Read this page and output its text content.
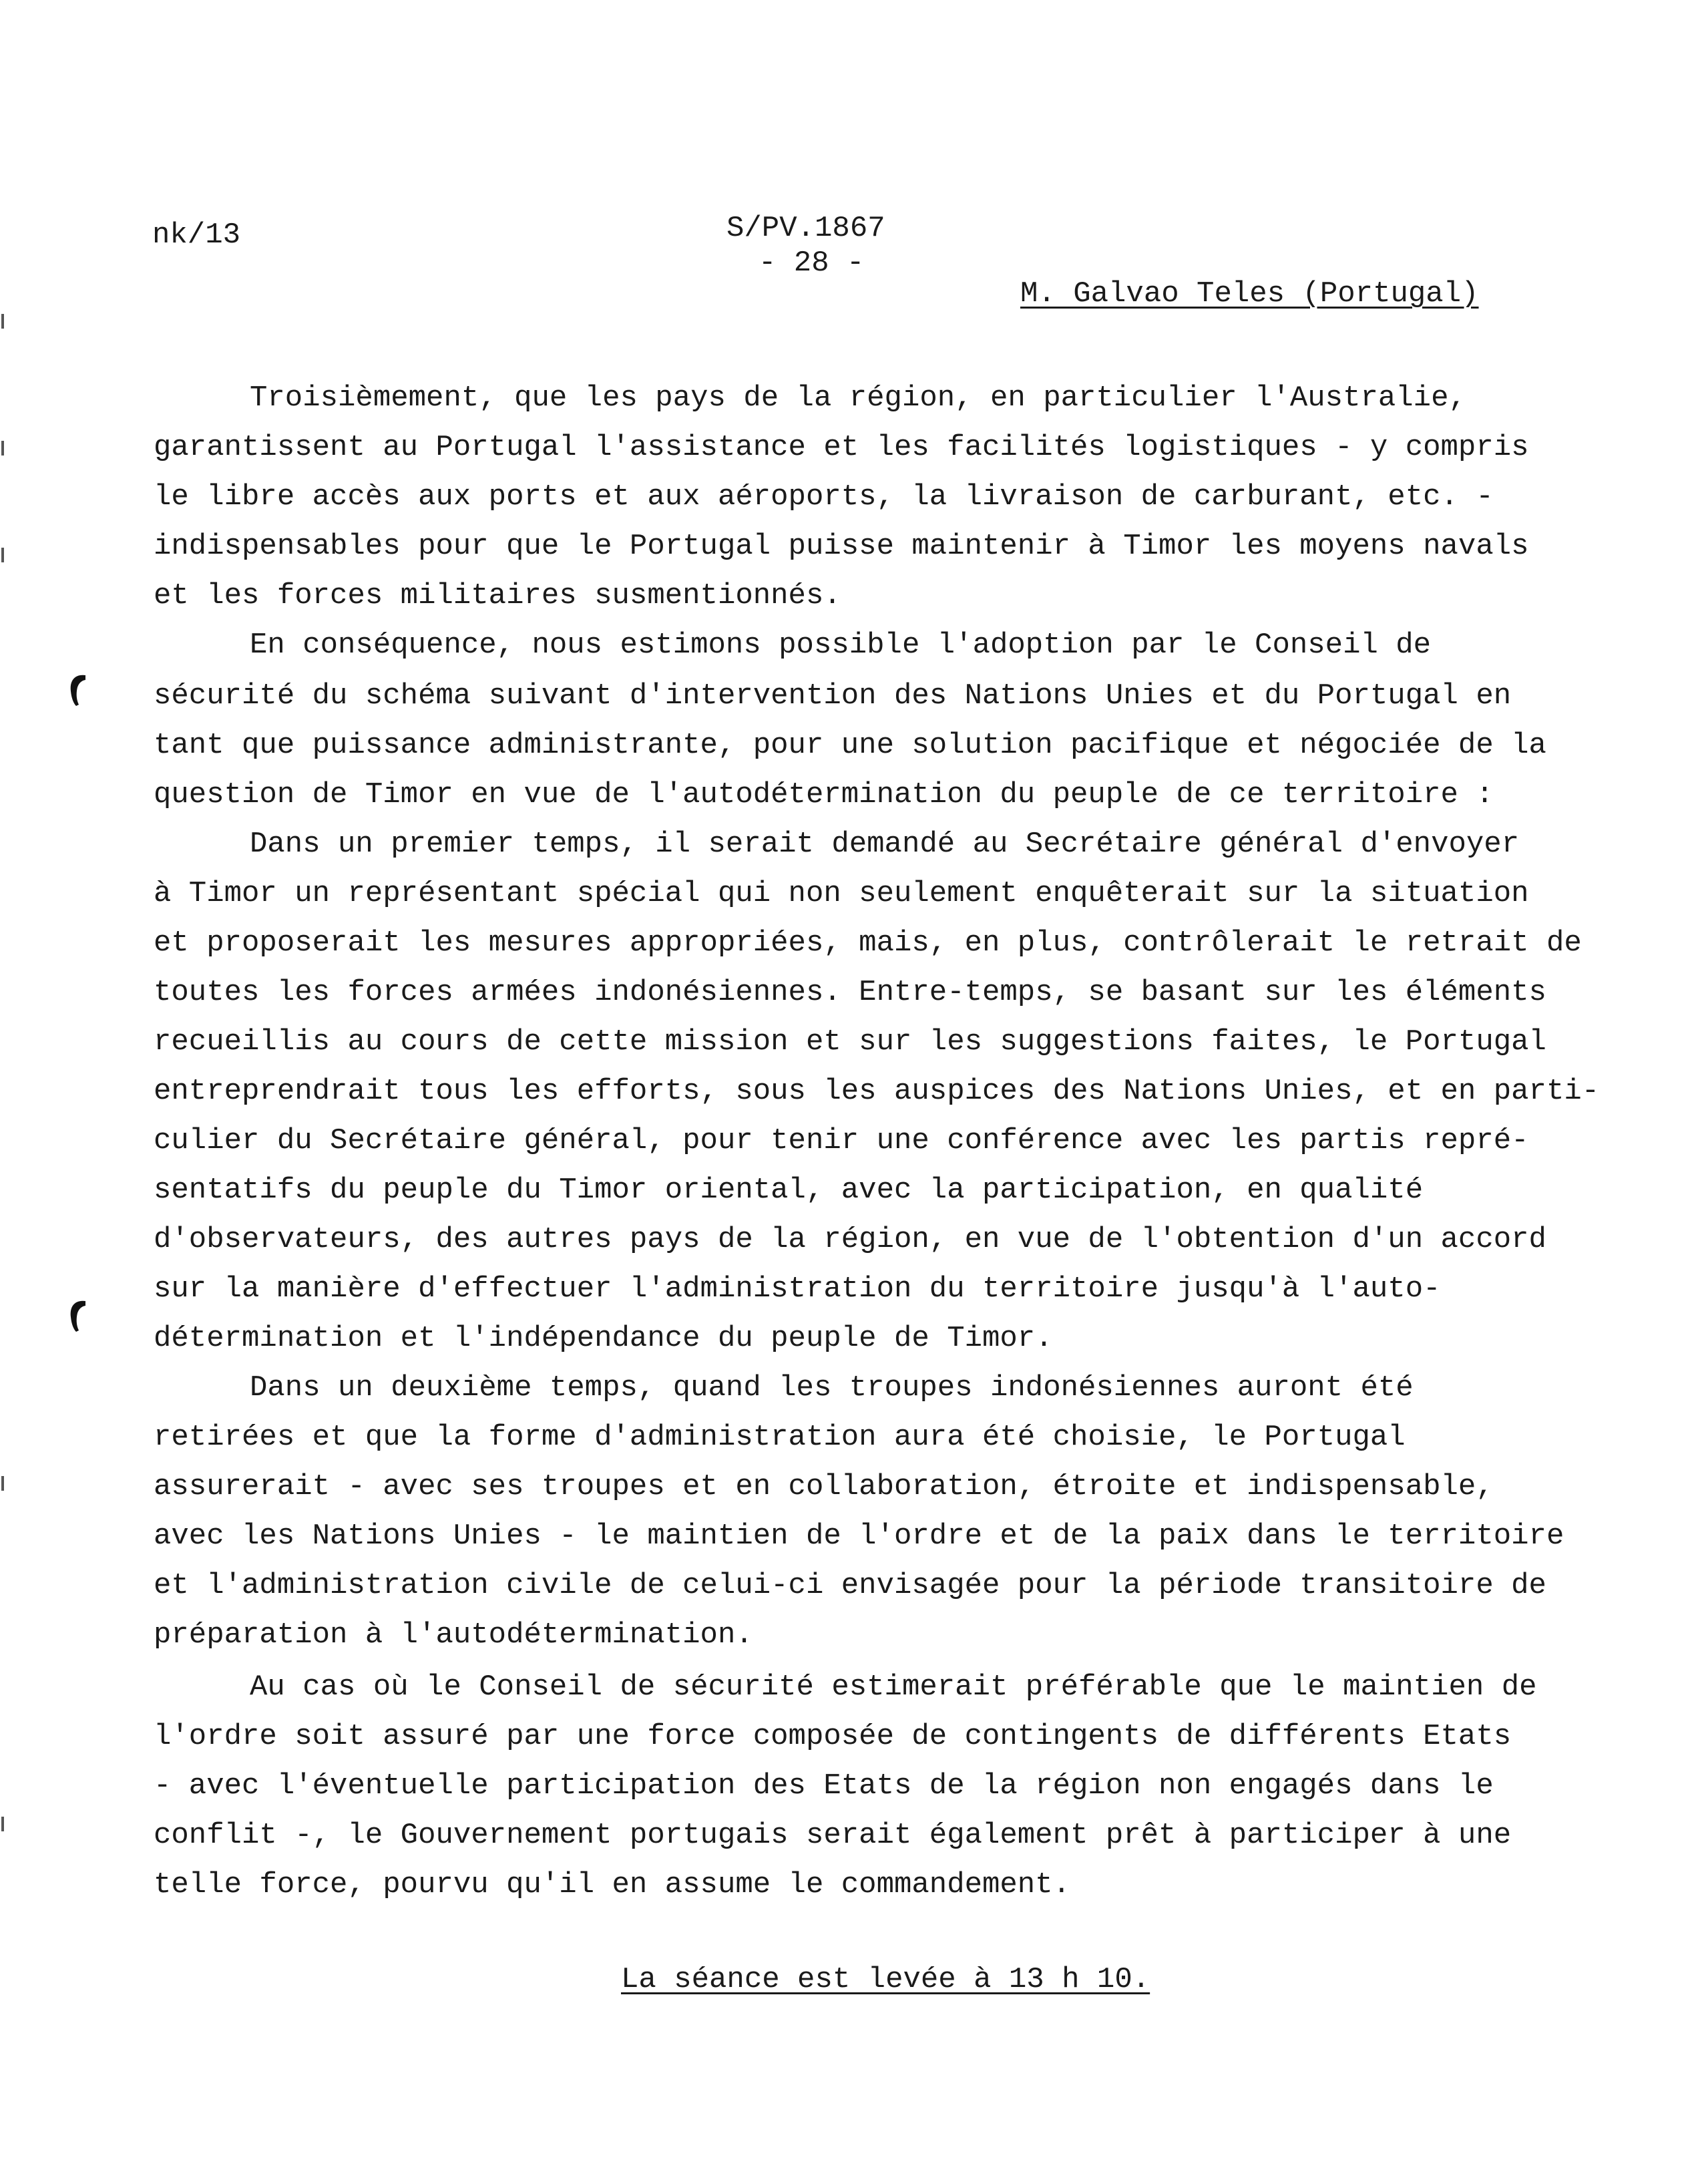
nk/13	S/PV.1867
- 28 -
M. Galvao Teles (Portugal)
Troisièmement, que les pays de la région, en particulier l'Australie,
garantissent au Portugal l'assistance et les facilités logistiques - y compris
le libre accès aux ports et aux aéroports, la livraison de carburant, etc. -
indispensables pour que le Portugal puisse maintenir à Timor les moyens navals
et les forces militaires susmentionnés.
En conséquence, nous estimons possible l'adoption par le Conseil de
sécurité du schéma suivant d'intervention des Nations Unies et du Portugal en
tant que puissance administrante, pour une solution pacifique et négociée de la
question de Timor en vue de l'autodétermination du peuple de ce territoire :
Dans un premier temps, il serait demandé au Secrétaire général d'envoyer
à Timor un représentant spécial qui non seulement enquêterait sur la situation
et proposerait les mesures appropriées, mais, en plus, contrôlerait le retrait de
toutes les forces armées indonésiennes. Entre-temps, se basant sur les éléments
recueillis au cours de cette mission et sur les suggestions faites, le Portugal
entreprendrait tous les efforts, sous les auspices des Nations Unies, et en parti-
culier du Secrétaire général, pour tenir une conférence avec les partis repré-
sentatifs du peuple du Timor oriental, avec la participation, en qualité
d'observateurs, des autres pays de la région, en vue de l'obtention d'un accord
sur la manière d'effectuer l'administration du territoire jusqu'à l'auto-
détermination et l'indépendance du peuple de Timor.
Dans un deuxième temps, quand les troupes indonésiennes auront été
retirées et que la forme d'administration aura été choisie, le Portugal
assurerait - avec ses troupes et en collaboration, étroite et indispensable,
avec les Nations Unies - le maintien de l'ordre et de la paix dans le territoire
et l'administration civile de celui-ci envisagée pour la période transitoire de
préparation à l'autodétermination.
Au cas où le Conseil de sécurité estimerait préférable que le maintien de
l'ordre soit assuré par une force composée de contingents de différents Etats
- avec l'éventuelle participation des Etats de la région non engagés dans le
conflit -, le Gouvernement portugais serait également prêt à participer à une
telle force, pourvu qu'il en assume le commandement.
La séance est levée à 13 h 10.
